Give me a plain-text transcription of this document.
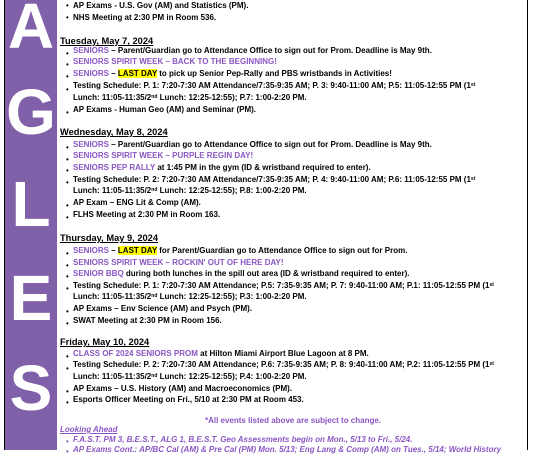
A
G
L
E
S
• AP Exams - U.S. Gov (AM) and Statistics (PM).
• NHS Meeting at 2:30 PM in Room 536.
Tuesday, May 7, 2024
• SENIORS – Parent/Guardian go to Attendance Office to sign out for Prom. Deadline is May 9th.
• SENIORS SPIRIT WEEK – BACK TO THE BEGINNING!
• SENIORS – LAST DAY to pick up Senior Pep-Rally and PBS wristbands in Activities!
• Testing Schedule: P. 1: 7:20-7:30 AM Attendance/7:35-9:35 AM; P. 3: 9:40-11:00 AM; P.5: 11:05-12:55 PM (1st
Lunch: 11:05-11:35/2nd Lunch: 12:25-12:55); P.7: 1:00-2:20 PM.
• AP Exams - Human Geo (AM) and Seminar (PM).
Wednesday, May 8, 2024
• SENIORS – Parent/Guardian go to Attendance Office to sign out for Prom. Deadline is May 9th.
• SENIORS SPIRIT WEEK – PURPLE REGIN DAY!
• SENIORS PEP RALLY at 1:45 PM in the gym (ID & wristband required to enter).
• Testing Schedule: P. 2: 7:20-7:30 AM Attendance/7:35-9:35 AM; P. 4: 9:40-11:00 AM; P.6: 11:05-12:55 PM (1st
Lunch: 11:05-11:35/2nd Lunch: 12:25-12:55); P.8: 1:00-2:20 PM.
• AP Exam – ENG Lit & Comp (AM).
• FLHS Meeting at 2:30 PM in Room 163.
Thursday, May 9, 2024
• SENIORS – LAST DAY for Parent/Guardian go to Attendance Office to sign out for Prom.
• SENIORS SPIRIT WEEK – ROCKIN' OUT OF HERE DAY!
• SENIOR BBQ during both lunches in the spill out area (ID & wristband required to enter).
• Testing Schedule: P. 1: 7:20-7:30 AM Attendance; P.5: 7:35-9:35 AM; P. 7: 9:40-11:00 AM; P.1: 11:05-12:55 PM (1st
Lunch: 11:05-11:35/2nd Lunch: 12:25-12:55); P.3: 1:00-2:20 PM.
• AP Exams – Env Science (AM) and Psych (PM).
• SWAT Meeting at 2:30 PM in Room 156.
Friday, May 10, 2024
• CLASS OF 2024 SENIORS PROM at Hilton Miami Airport Blue Lagoon at 8 PM.
• Testing Schedule: P. 2: 7:20-7:30 AM Attendance; P.6: 7:35-9:35 AM; P. 8: 9:40-11:00 AM; P.2: 11:05-12:55 PM (1st
Lunch: 11:05-11:35/2nd Lunch: 12:25-12:55); P.4: 1:00-2:20 PM.
• AP Exams – U.S. History (AM) and Macroeconomics (PM).
• Esports Officer Meeting on Fri., 5/10 at 2:30 PM at Room 453.
*All events listed above are subject to change.
Looking Ahead
• F.A.S.T. PM 3, B.E.S.T., ALG 1, B.E.S.T. Geo Assessments begin on Mon., 5/13 to Fri., 5/24.
• AP Exams Cont.: AP/BC Cal (AM) & Pre Cal (PM) Mon. 5/13; Eng Lang & Comp (AM) on Tues., 5/14; World History
